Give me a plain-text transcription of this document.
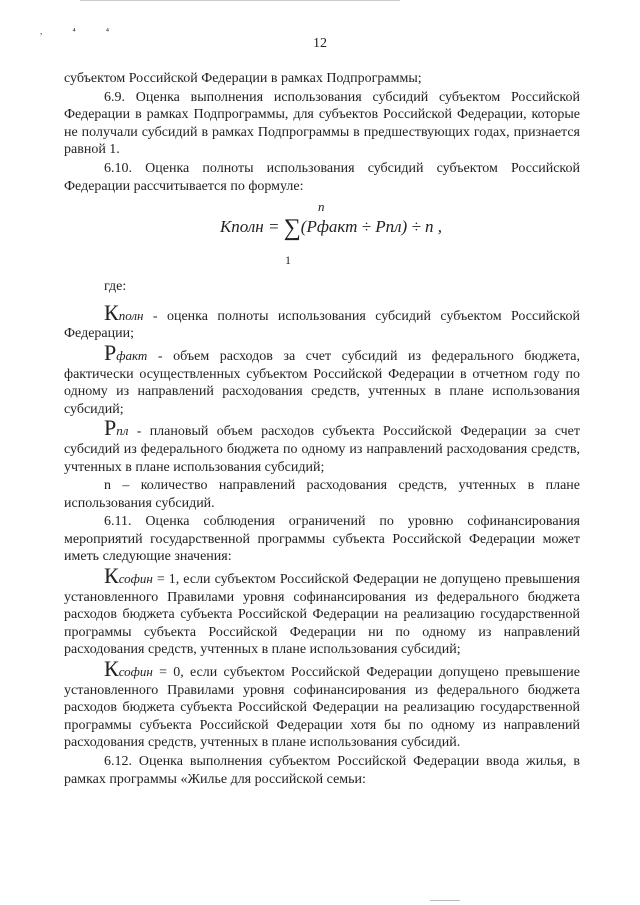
, ⁴ ⁴
12

субъектом Российской Федерации в рамках Подпрограммы;

6.9. Оценка выполнения использования субсидий субъектом Российской Федерации в рамках Подпрограммы, для субъектов Российской Федерации, которые не получали субсидий в рамках Подпрограммы в предшествующих годах, признается равной 1.

6.10. Оценка полноты использования субсидий субъектом Российской Федерации рассчитывается по формуле:

n
Кполн = ∑(Рфакт ÷ Рпл) ÷ n ,
1

где:

Кполн - оценка полноты использования субсидий субъектом Российской Федерации;

Рфакт - объем расходов за счет субсидий из федерального бюджета, фактически осуществленных субъектом Российской Федерации в отчетном году по одному из направлений расходования средств, учтенных в плане использования субсидий;

Рпл - плановый объем расходов субъекта Российской Федерации за счет субсидий из федерального бюджета по одному из направлений расходования средств, учтенных в плане использования субсидий;

n – количество направлений расходования средств, учтенных в плане использования субсидий.

6.11. Оценка соблюдения ограничений по уровню софинансирования мероприятий государственной программы субъекта Российской Федерации может иметь следующие значения:

Ксофин = 1, если субъектом Российской Федерации не допущено превышения установленного Правилами уровня софинансирования из федерального бюджета расходов бюджета субъекта Российской Федерации на реализацию государственной программы субъекта Российской Федерации ни по одному из направлений расходования средств, учтенных в плане использования субсидий;

Ксофин = 0, если субъектом Российской Федерации допущено превышение установленного Правилами уровня софинансирования из федерального бюджета расходов бюджета субъекта Российской Федерации на реализацию государственной программы субъекта Российской Федерации хотя бы по одному из направлений расходования средств, учтенных в плане использования субсидий.

6.12. Оценка выполнения субъектом Российской Федерации ввода жилья, в рамках программы «Жилье для российской семьи:
